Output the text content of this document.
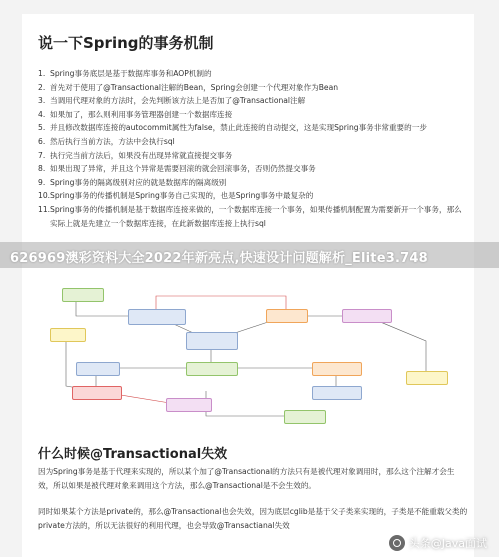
说一下Spring的事务机制
1. Spring事务底层是基于数据库事务和AOP机制的
2. 首先对于使用了@Transactional注解的Bean，Spring会创建一个代理对象作为Bean
3. 当调用代理对象的方法时，会先判断该方法上是否加了@Transactional注解
4. 如果加了，那么则利用事务管理器创建一个数据库连接
5. 并且修改数据库连接的autocommit属性为false，禁止此连接的自动提交，这是实现Spring事务非常重要的一步
6. 然后执行当前方法，方法中会执行sql
7. 执行完当前方法后，如果没有出现异常就直接提交事务
8. 如果出现了异常，并且这个异常是需要回滚的就会回滚事务，否则仍然提交事务
9. Spring事务的隔离级别对应的就是数据库的隔离级别
10. Spring事务的传播机制是Spring事务自己实现的，也是Spring事务中最复杂的
11. Spring事务的传播机制是基于数据库连接来做的，一个数据库连接一个事务，如果传播机制配置为需要新开一个事务，那么实际上就是先建立一个数据库连接，在此新数据库连接上执行sql
什么时候@Transactional失效
因为Spring事务是基于代理来实现的，所以某个加了@Transactional的方法只有是被代理对象调用时，那么这个注解才会生效，所以如果是被代理对象来调用这个方法，那么@Transactional是不会生效的。
同时如果某个方法是private的，那么@Transactional也会失效，因为底层cglib是基于父子类来实现的，子类是不能重载父类的private方法的，所以无法很好的利用代理，也会导致@Transactianal失效
626969澳彩资料大全2022年新亮点,快速设计问题解析_Elite3.748
头条@Java面试
